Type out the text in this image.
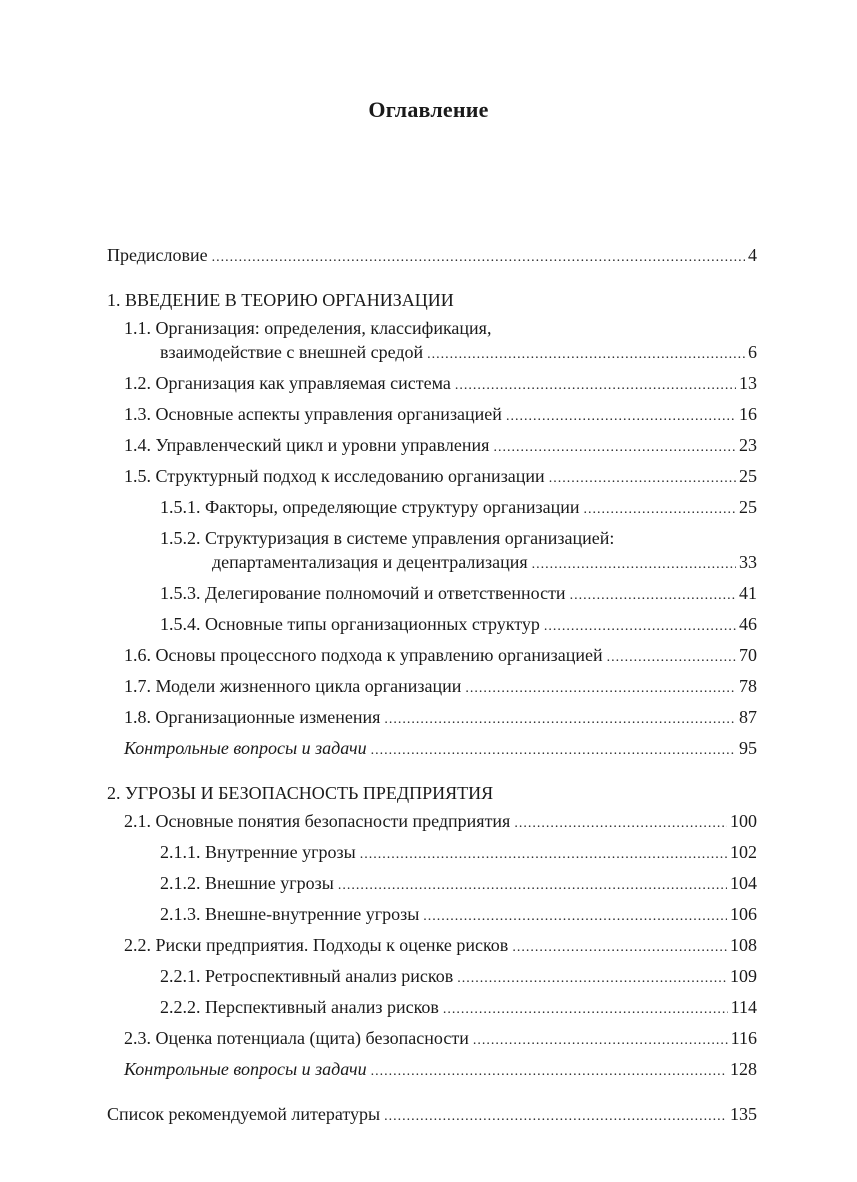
Оглавление
Предисловие .....	4
1. ВВЕДЕНИЕ В ТЕОРИЮ ОРГАНИЗАЦИИ
1.1. Организация: определения, классификация,
взаимодействие с внешней средой .....	6
1.2. Организация как управляемая система .....	13
1.3. Основные аспекты управления организацией .....	16
1.4. Управленческий цикл и уровни управления .....	23
1.5. Структурный подход к исследованию организации .....	25
1.5.1. Факторы, определяющие структуру организации .....	25
1.5.2. Структуризация в системе управления организацией:
департаментализация и децентрализация .....	33
1.5.3. Делегирование полномочий и ответственности .....	41
1.5.4. Основные типы организационных структур .....	46
1.6. Основы процессного подхода к управлению организацией .....	70
1.7. Модели жизненного цикла организации .....	78
1.8. Организационные изменения .....	87
Контрольные вопросы и задачи .....	95
2. УГРОЗЫ И БЕЗОПАСНОСТЬ ПРЕДПРИЯТИЯ
2.1. Основные понятия безопасности предприятия .....	100
2.1.1. Внутренние угрозы .....	102
2.1.2. Внешние угрозы .....	104
2.1.3. Внешне-внутренние угрозы .....	106
2.2. Риски предприятия. Подходы к оценке рисков .....	108
2.2.1. Ретроспективный анализ рисков .....	109
2.2.2. Перспективный анализ рисков .....	114
2.3. Оценка потенциала (щита) безопасности .....	116
Контрольные вопросы и задачи .....	128
Список рекомендуемой литературы .....	135
